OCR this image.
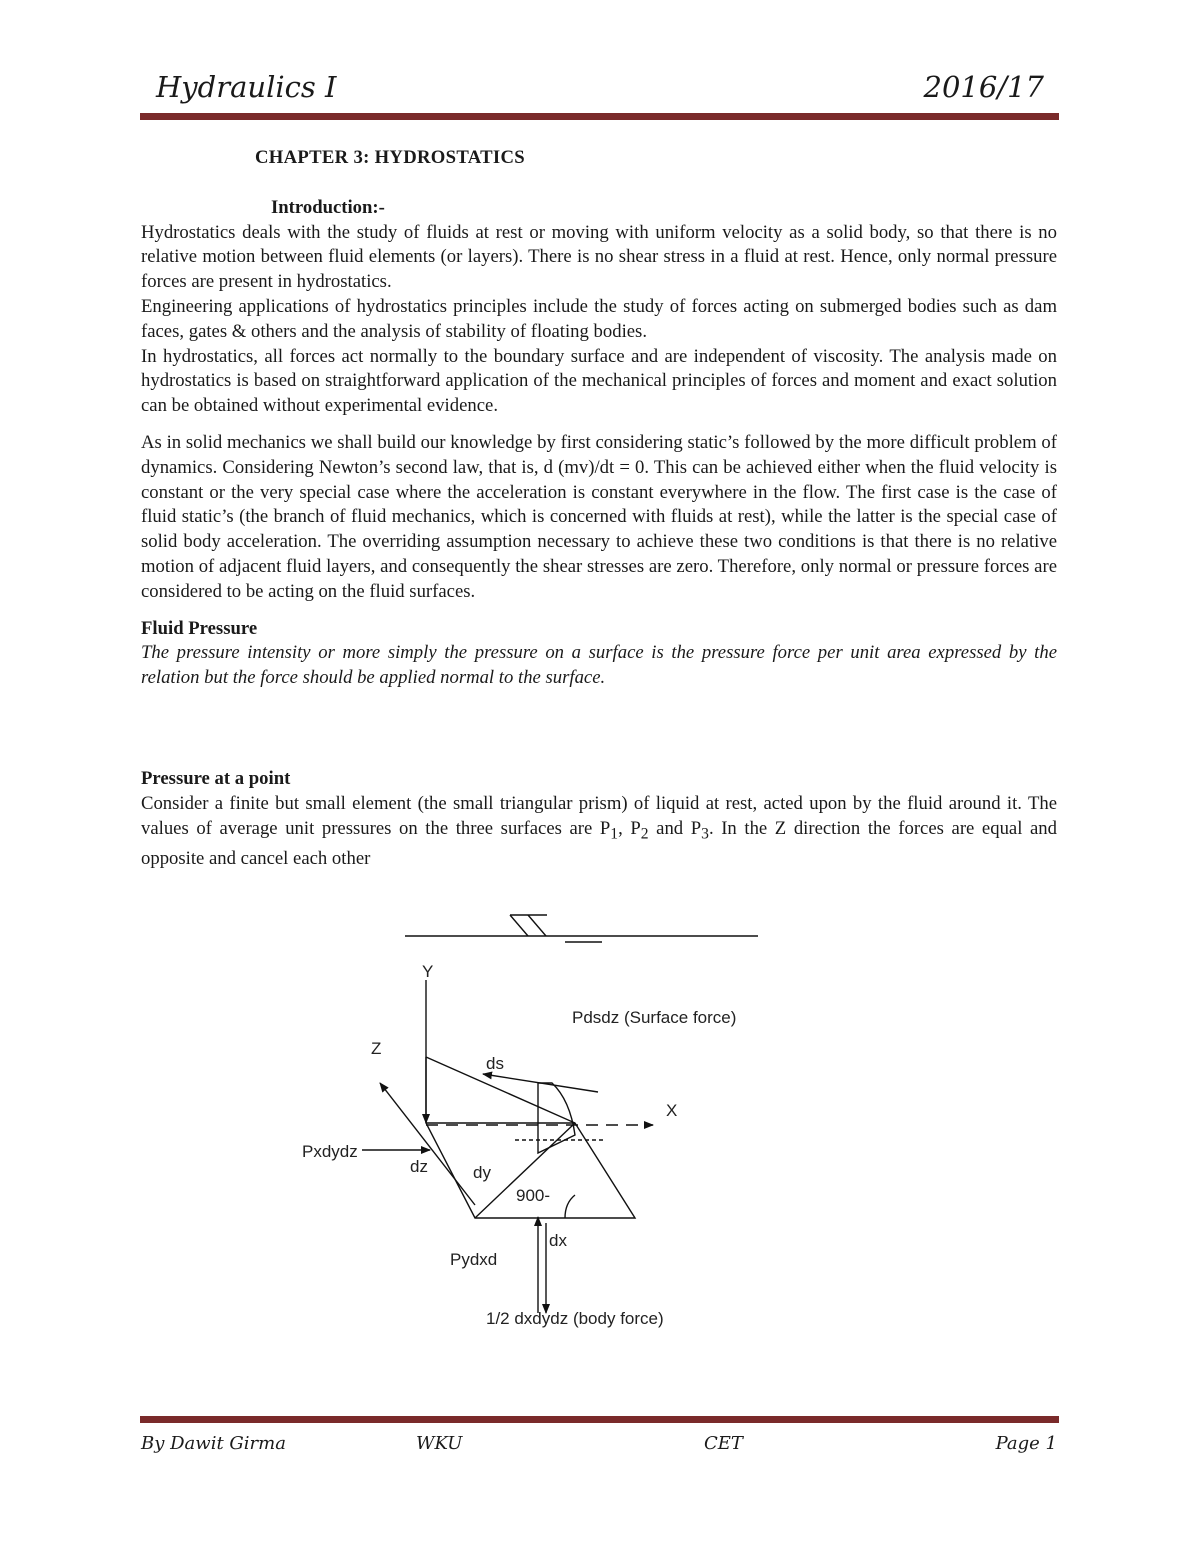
Hydraulics I	2016/17

CHAPTER 3: HYDROSTATICS

Introduction:-

Hydrostatics deals with the study of fluids at rest or moving with uniform velocity as a solid body, so that there is no relative motion between fluid elements (or layers). There is no shear stress in a fluid at rest. Hence, only normal pressure forces are present in hydrostatics.

Engineering applications of hydrostatics principles include the study of forces acting on submerged bodies such as dam faces, gates & others and the analysis of stability of floating bodies.

In hydrostatics, all forces act normally to the boundary surface and are independent of viscosity. The analysis made on hydrostatics is based on straightforward application of the mechanical principles of forces and moment and exact solution can be obtained without experimental evidence.

As in solid mechanics we shall build our knowledge by first considering static’s followed by the more difficult problem of dynamics. Considering Newton’s second law, that is, d (mv)/dt = 0. This can be achieved either when the fluid velocity is constant or the very special case where the acceleration is constant everywhere in the flow. The first case is the case of fluid static’s (the branch of fluid mechanics, which is concerned with fluids at rest), while the latter is the special case of solid body acceleration. The overriding assumption necessary to achieve these two conditions is that there is no relative motion of adjacent fluid layers, and consequently the shear stresses are zero. Therefore, only normal or pressure forces are considered to be acting on the fluid surfaces.

Fluid Pressure

The pressure intensity or more simply the pressure on a surface is the pressure force per unit area expressed by the relation but the force should be applied normal to the surface.

Pressure at a point

Consider a finite but small element (the small triangular prism) of liquid at rest, acted upon by the fluid around it. The values of average unit pressures on the three surfaces are $P_1$, $P_2$ and $P_3$. In the Z direction the forces are equal and opposite and cancel each other

Y
Z
X
Pdsdz (Surface force)
ds
Pxdydz
dz	dy
900-
dx
Pydxd
1/2 dxdydz (body force)
By Dawit Girma	WKU	CET	Page 1
